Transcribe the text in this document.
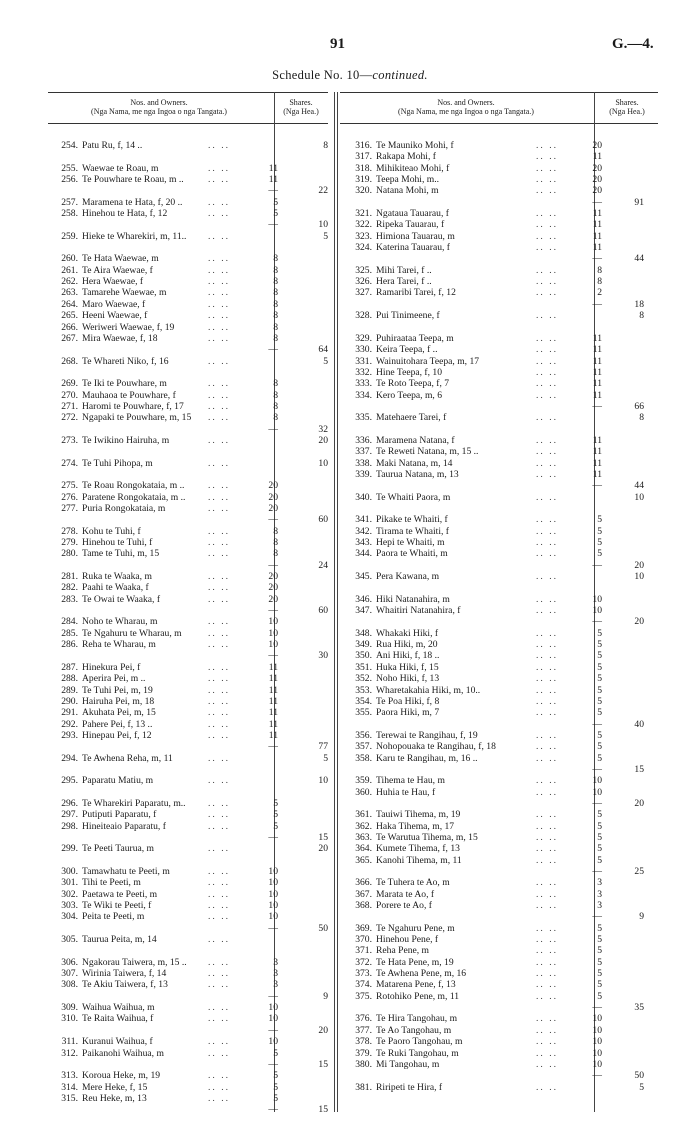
91	G.—4.
Schedule No. 10—continued.
Nos. and Owners.
(Nga Nama, me nga Ingoa o nga Tangata.)
Shares.
(Nga Hea.)
Nos. and Owners.
(Nga Nama, me nga Ingoa o nga Tangata.)
Shares.
(Nga Hea.)
254. Patu Ru, f, 14 ..	.. ..	8
255. Waewae te Roau, m	.. ..	11
256. Te Pouwhare te Roau, m ..	.. ..	11
—	22
257. Maramena te Hata, f, 20 ..	.. ..	5
258. Hinehou te Hata, f, 12	.. ..	5
—	10
259. Hieke te Wharekiri, m, 11.. .. ..	5
260. Te Hata Waewae, m	.. ..	8
261. Te Aira Waewae, f	.. ..	8
262. Hera Waewae, f	.. ..	8
263. Tamarehe Waewae, m	.. ..	8
264. Maro Waewae, f	.. ..	8
265. Heeni Waewae, f	.. ..	8
266. Weriweri Waewae, f, 19	.. ..	8
267. Mira Waewae, f, 18	.. ..	8
—	64
268. Te Whareti Niko, f, 16	.. ..	5
269. Te Iki te Pouwhare, m	.. ..	8
270. Mauhaoa te Pouwhare, f	.. ..	8
271. Haromi te Pouwhare, f, 17	.. ..	8
272. Ngapaki te Pouwhare, m, 15 .. ..	8
—	32
273. Te Iwikino Hairuha, m	.. ..	20
274. Te Tuhi Pihopa, m	.. ..	10
275. Te Roau Rongokataia, m .. .. ..	20
276. Paratene Rongokataia, m .. .. ..	20
277. Puria Rongokataia, m	.. ..	20
—	60
278. Kohu te Tuhi, f	.. ..	8
279. Hinehou te Tuhi, f	.. ..	8
280. Tame te Tuhi, m, 15	.. ..	8
—	24
281. Ruka te Waaka, m	.. ..	20
282. Paahi te Waaka, f	.. ..	20
283. Te Owai te Waaka, f	.. ..	20
—	60
284. Noho te Wharau, m	.. ..	10
285. Te Ngahuru te Wharau, m	.. ..	10
286. Reha te Wharau, m	.. ..	10
—	30
287. Hinekura Pei, f	.. ..	11
288. Aperira Pei, m ..	.. ..	11
289. Te Tuhi Pei, m, 19	.. ..	11
290. Hairuha Pei, m, 18	.. ..	11
291. Akuhata Pei, m, 15	.. ..	11
292. Pahere Pei, f, 13 ..	.. ..	11
293. Hinepau Pei, f, 12	.. ..	11
—	77
294. Te Awhena Reha, m, 11	.. ..	5
295. Paparatu Matiu, m	.. ..	10
296. Te Wharekiri Paparatu, m.. .. ..	5
297. Putiputi Paparatu, f	.. ..	5
298. Hineiteaio Paparatu, f	.. ..	5
—	15
299. Te Peeti Taurua, m	.. ..	20
300. Tamawhatu te Peeti, m	.. ..	10
301. Tihi te Peeti, m	.. ..	10
302. Paetawa te Peeti, m	.. ..	10
303. Te Wiki te Peeti, f	.. ..	10
304. Peita te Peeti, m	.. ..	10
—	50
305. Taurua Peita, m, 14	.. ..
306. Ngakorau Taiwera, m, 15 .. .. ..	3
307. Wirinia Taiwera, f, 14	.. ..	3
308. Te Akiu Taiwera, f, 13	.. ..	3
—	9
309. Waihua Waihua, m	.. ..	10
310. Te Raita Waihua, f	.. ..	10
—	20
311. Kuranui Waihua, f	.. ..	10
312. Paikanohi Waihua, m	.. ..	5
—	15
313. Koroua Heke, m, 19	.. ..	5
314. Mere Heke, f, 15	.. ..	5
315. Reu Heke, m, 13	.. ..	5
—	15
316. Te Mauniko Mohi, f	.. ..	20
317. Rakapa Mohi, f	.. ..	11
318. Mihikiteao Mohi, f	.. ..	20
319. Teepa Mohi, m..	.. ..	20
320. Natana Mohi, m	.. ..	20
—	91
321. Ngataua Tauarau, f	.. ..	11
322. Ripeka Tauarau, f	.. ..	11
323. Himiona Tauarau, m	.. ..	11
324. Katerina Tauarau, f	.. ..	11
—	44
325. Mihi Tarei, f ..	.. ..	8
326. Hera Tarei, f ..	.. ..	8
327. Ramaribi Tarei, f, 12	.. ..	2
—	18
328. Pui Tinimeene, f	.. ..	8
329. Puhiraataa Teepa, m	.. ..	11
330. Keira Teepa, f ..	.. ..	11
331. Wainuitohara Teepa, m, 17	.. ..	11
332. Hine Teepa, f, 10	.. ..	11
333. Te Roto Teepa, f, 7	.. ..	11
334. Kero Teepa, m, 6	.. ..	11
—	66
335. Matehaere Tarei, f	.. ..	8
336. Maramena Natana, f	.. ..	11
337. Te Reweti Natana, m, 15 ..	.. ..	11
338. Maki Natana, m, 14	.. ..	11
339. Taurua Natana, m, 13	.. ..	11
—	44
340. Te Whaiti Paora, m	.. ..	10
341. Pikake te Whaiti, f	.. ..	5
342. Tirama te Whaiti, f	.. ..	5
343. Hepi te Whaiti, m	.. ..	5
344. Paora te Whaiti, m	.. ..	5
—	20
345. Pera Kawana, m	.. ..	10
346. Hiki Natanahira, m	.. ..	10
347. Whaitiri Natanahira, f	.. ..	10
—	20
348. Whakaki Hiki, f	.. ..	5
349. Rua Hiki, m, 20	.. ..	5
350. Ani Hiki, f, 18 ..	.. ..	5
351. Huka Hiki, f, 15	.. ..	5
352. Noho Hiki, f, 13	.. ..	5
353. Wharetakahia Hiki, m, 10..	.. ..	5
354. Te Poa Hiki, f, 8	.. ..	5
355. Paora Hiki, m, 7	.. ..	5
—	40
356. Terewai te Rangihau, f, 19	.. ..	5
357. Nohopouaka te Rangihau, f, 18	.. ..	5
358. Karu te Rangihau, m, 16 ..	.. ..	5
—	15
359. Tihema te Hau, m	.. ..	10
360. Huhia te Hau, f	.. ..	10
—	20
361. Tauiwi Tihema, m, 19	.. ..	5
362. Haka Tihema, m, 17	.. ..	5
363. Te Warutua Tihema, m, 15	.. ..	5
364. Kumete Tihema, f, 13	.. ..	5
365. Kanohi Tihema, m, 11	.. ..	5
—	25
366. Te Tuhera te Ao, m	.. ..	3
367. Marata te Ao, f	.. ..	3
368. Porere te Ao, f	.. ..	3
—	9
369. Te Ngahuru Pene, m	.. ..	5
370. Hinehou Pene, f	.. ..	5
371. Reha Pene, m	.. ..	5
372. Te Hata Pene, m, 19	.. ..	5
373. Te Awhena Pene, m, 16	.. ..	5
374. Matarena Pene, f, 13	.. ..	5
375. Rotohiko Pene, m, 11	.. ..	5
—	35
376. Te Hira Tangohau, m	.. ..	10
377. Te Ao Tangohau, m	.. ..	10
378. Te Paoro Tangohau, m	.. ..	10
379. Te Ruki Tangohau, m	.. ..	10
380. Mi Tangohau, m	.. ..	10
—	50
381. Riripeti te Hira, f	.. ..	5
